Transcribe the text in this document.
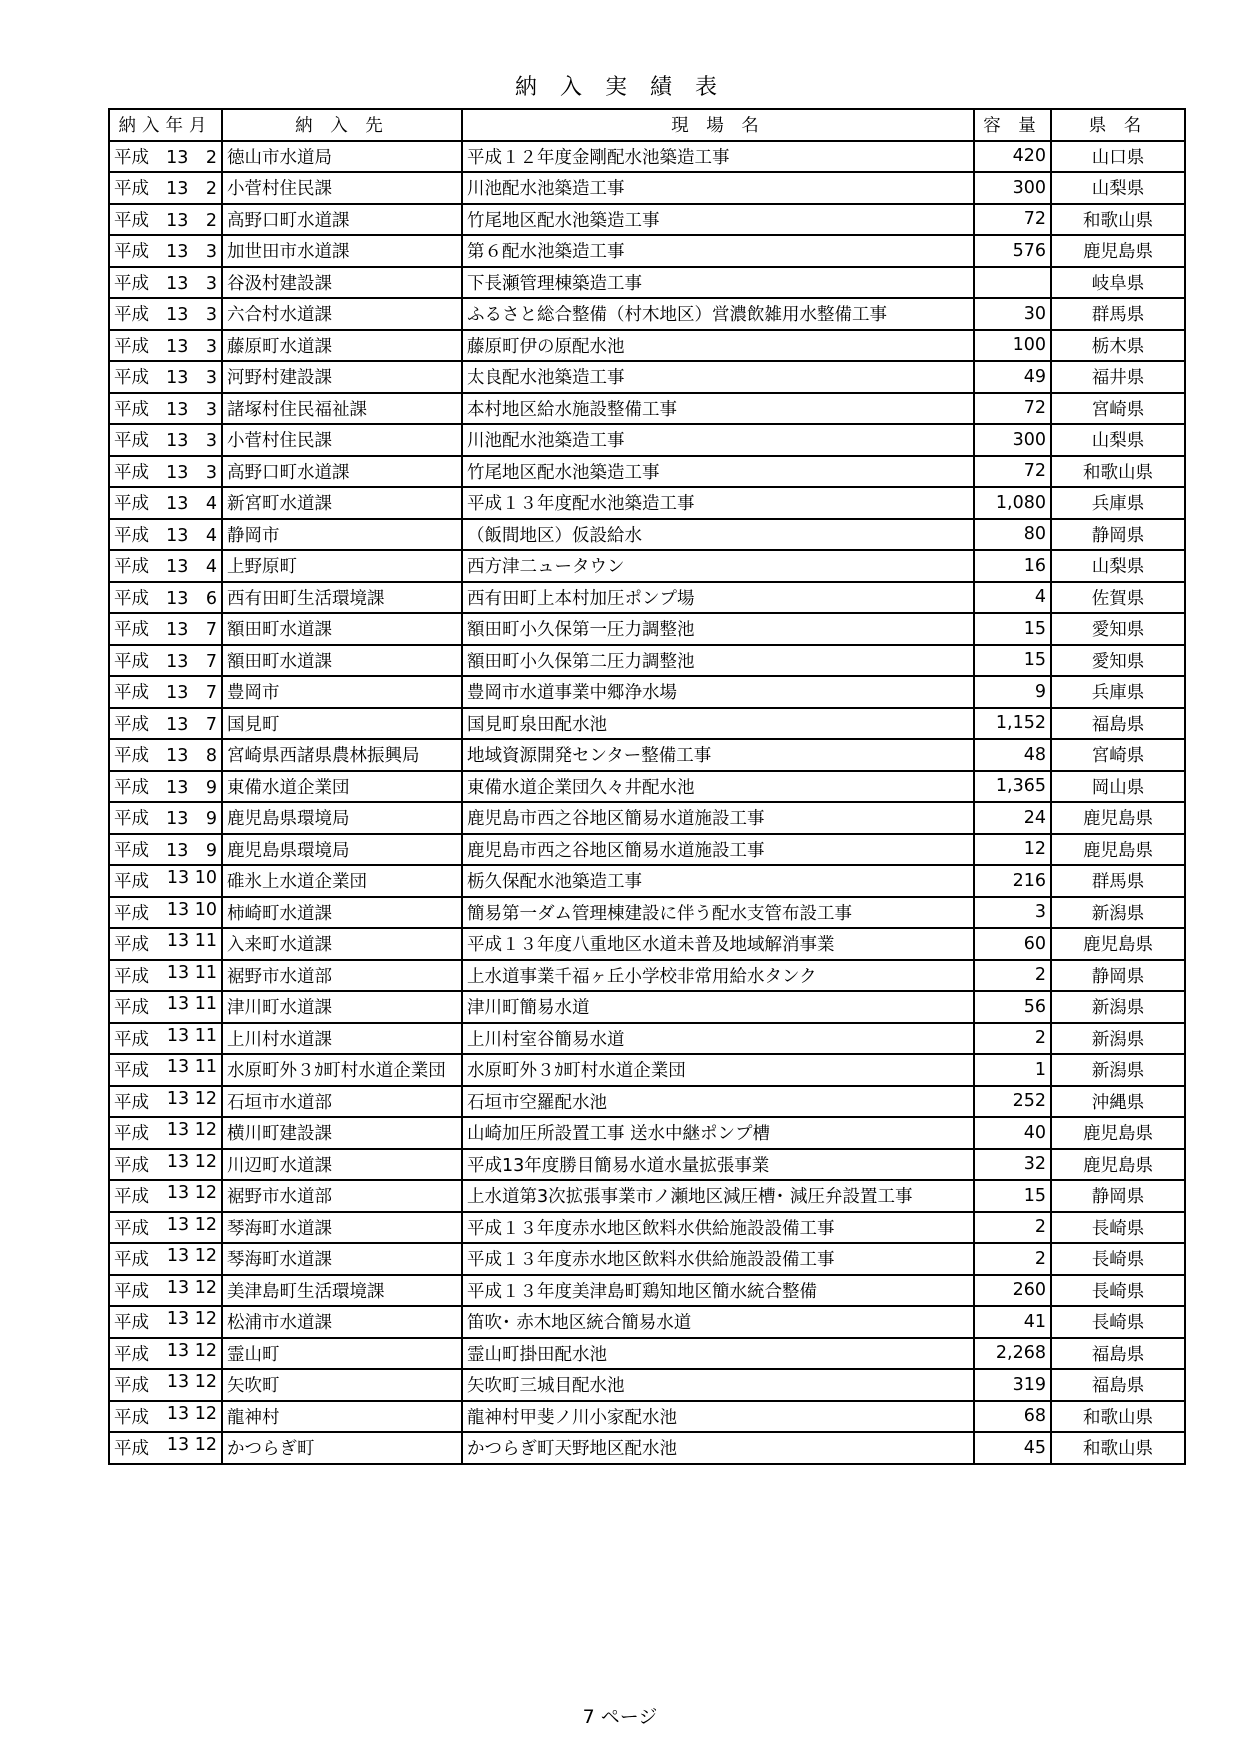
納 入 実 績 表
納入年月	納 入 先	現 場 名	容 量	県 名

平成 13　2	徳山市水道局	平成１２年度金剛配水池築造工事	420	山口県

平成 13　2	小菅村住民課	川池配水池築造工事	300	山梨県

平成 13　2	高野口町水道課	竹尾地区配水池築造工事	72	和歌山県

平成 13　3	加世田市水道課	第６配水池築造工事	576	鹿児島県

平成 13　3	谷汲村建設課	下長瀬管理棟築造工事		岐阜県

平成 13　3	六合村水道課	ふるさと総合整備（村木地区）営濃飲雑用水整備工事	30	群馬県

平成 13　3	藤原町水道課	藤原町伊の原配水池	100	栃木県

平成 13　3	河野村建設課	太良配水池築造工事	49	福井県

平成 13　3	諸塚村住民福祉課	本村地区給水施設整備工事	72	宮崎県

平成 13　3	小菅村住民課	川池配水池築造工事	300	山梨県

平成 13　3	高野口町水道課	竹尾地区配水池築造工事	72	和歌山県

平成 13　4	新宮町水道課	平成１３年度配水池築造工事	1,080	兵庫県

平成 13　4	静岡市	（飯間地区）仮設給水	80	静岡県

平成 13　4	上野原町	西方津二ュータウン	16	山梨県

平成 13　6	西有田町生活環境課	西有田町上本村加圧ポンプ場	4	佐賀県

平成 13　7	額田町水道課	額田町小久保第一圧力調整池	15	愛知県

平成 13　7	額田町水道課	額田町小久保第二圧力調整池	15	愛知県

平成 13　7	豊岡市	豊岡市水道事業中郷浄水場	9	兵庫県

平成 13　7	国見町	国見町泉田配水池	1,152	福島県

平成 13　8	宮崎県西諸県農林振興局	地域資源開発センター整備工事	48	宮崎県

平成 13　9	東備水道企業団	東備水道企業団久々井配水池	1,365	岡山県

平成 13　9	鹿児島県環境局	鹿児島市西之谷地区簡易水道施設工事	24	鹿児島県

平成 13　9	鹿児島県環境局	鹿児島市西之谷地区簡易水道施設工事	12	鹿児島県

平成 13 10	碓氷上水道企業団	栃久保配水池築造工事	216	群馬県

平成 13 10	柿崎町水道課	簡易第一ダム管理棟建設に伴う配水支管布設工事	3	新潟県

平成 13 11	入来町水道課	平成１３年度八重地区水道未普及地域解消事業	60	鹿児島県

平成 13 11	裾野市水道部	上水道事業千福ヶ丘小学校非常用給水タンク	2	静岡県

平成 13 11	津川町水道課	津川町簡易水道	56	新潟県

平成 13 11	上川村水道課	上川村室谷簡易水道	2	新潟県

平成 13 11	水原町外３ｶ町村水道企業団	水原町外３ｶ町村水道企業団	1	新潟県

平成 13 12	石垣市水道部	石垣市空羅配水池	252	沖縄県

平成 13 12	横川町建設課	山崎加圧所設置工事 送水中継ポンプ槽	40	鹿児島県

平成 13 12	川辺町水道課	平成13年度勝目簡易水道水量拡張事業	32	鹿児島県

平成 13 12	裾野市水道部	上水道第3次拡張事業市ノ瀬地区減圧槽･ 減圧弁設置工事	15	静岡県

平成 13 12	琴海町水道課	平成１３年度赤水地区飲料水供給施設設備工事	2	長崎県

平成 13 12	琴海町水道課	平成１３年度赤水地区飲料水供給施設設備工事	2	長崎県

平成 13 12	美津島町生活環境課	平成１３年度美津島町鶏知地区簡水統合整備	260	長崎県

平成 13 12	松浦市水道課	笛吹･ 赤木地区統合簡易水道	41	長崎県

平成 13 12	霊山町	霊山町掛田配水池	2,268	福島県

平成 13 12	矢吹町	矢吹町三城目配水池	319	福島県

平成 13 12	龍神村	龍神村甲斐ノ川小家配水池	68	和歌山県

平成 13 12	かつらぎ町	かつらぎ町天野地区配水池	45	和歌山県
7 ページ
